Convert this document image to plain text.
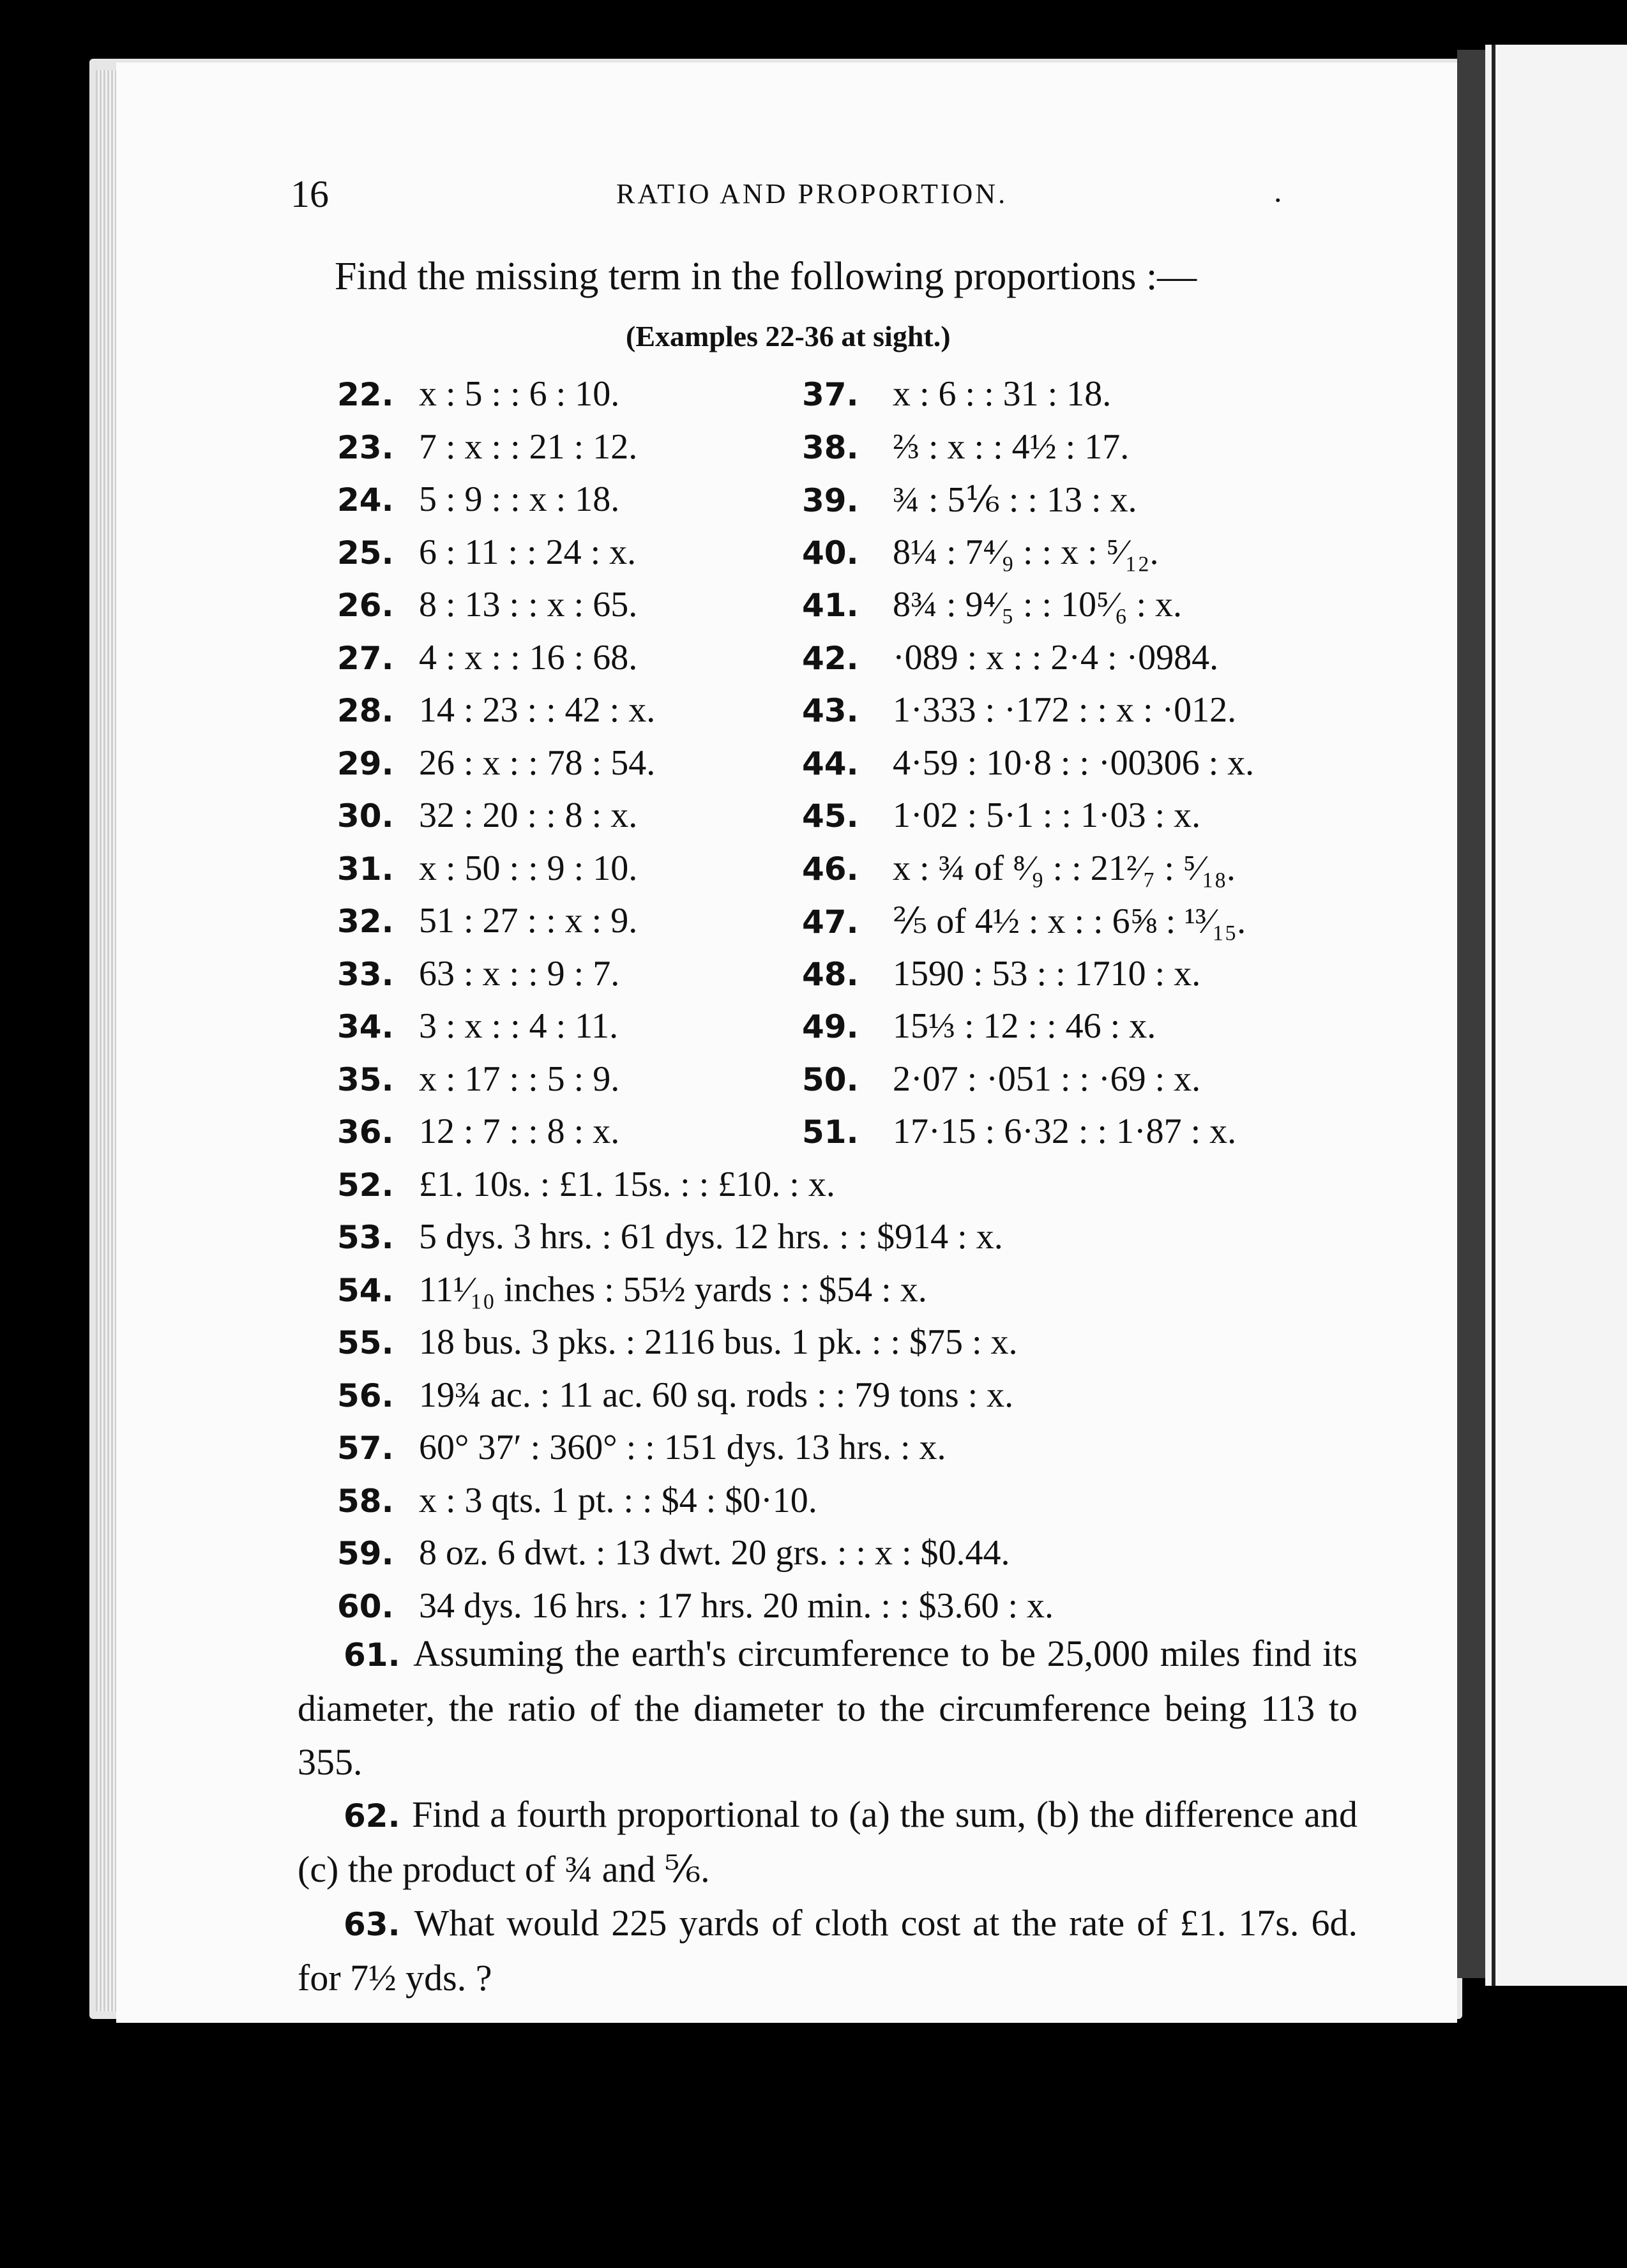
16	RATIO AND PROPORTION.	.
Find the missing term in the following proportions :—
(Examples 22-36 at sight.)
22. x : 5 : : 6 : 10.
23. 7 : x : : 21 : 12.
24. 5 : 9 : : x : 18.
25. 6 : 11 : : 24 : x.
26. 8 : 13 : : x : 65.
27. 4 : x : : 16 : 68.
28. 14 : 23 : : 42 : x.
29. 26 : x : : 78 : 54.
30. 32 : 20 : : 8 : x.
31. x : 50 : : 9 : 10.
32. 51 : 27 : : x : 9.
33. 63 : x : : 9 : 7.
34. 3 : x : : 4 : 11.
35. x : 17 : : 5 : 9.
36. 12 : 7 : : 8 : x.
37. x : 6 : : 31 : 18.
38. ⅔ : x : : 4½ : 17.
39. ¾ : 5⅙ : : 13 : x.
40. 8¼ : 7⁴⁄₉ : : x : ⁵⁄₁₂.
41. 8¾ : 9⁴⁄₅ : : 10⁵⁄₆ : x.
42. ·089 : x : : 2·4 : ·0984.
43. 1·333 : ·172 : : x : ·012.
44. 4·59 : 10·8 : : ·00306 : x.
45. 1·02 : 5·1 : : 1·03 : x.
46. x : ¾ of ⁸⁄₉ : : 21²⁄₇ : ⁵⁄₁₈.
47. ⅖ of 4½ : x : : 6⅝ : ¹³⁄₁₅.
48. 1590 : 53 : : 1710 : x.
49. 15⅓ : 12 : : 46 : x.
50. 2·07 : ·051 : : ·69 : x.
51. 17·15 : 6·32 : : 1·87 : x.
52. £1. 10s. : £1. 15s. : : £10. : x.
53. 5 dys. 3 hrs. : 61 dys. 12 hrs. : : $914 : x.
54. 11¹⁄₁₀ inches : 55½ yards : : $54 : x.
55. 18 bus. 3 pks. : 2116 bus. 1 pk. : : $75 : x.
56. 19¾ ac. : 11 ac. 60 sq. rods : : 79 tons : x.
57. 60° 37′ : 360° : : 151 dys. 13 hrs. : x.
58. x : 3 qts. 1 pt. : : $4 : $0·10.
59. 8 oz. 6 dwt. : 13 dwt. 20 grs. : : x : $0.44.
60. 34 dys. 16 hrs. : 17 hrs. 20 min. : : $3.60 : x.
61. Assuming the earth's circumference to be 25,000 miles find its diameter, the ratio of the diameter to the circumference being 113 to 355.
62. Find a fourth proportional to (a) the sum, (b) the difference and (c) the product of ¾ and ⅚.
63. What would 225 yards of cloth cost at the rate of £1. 17s. 6d. for 7½ yds. ?
